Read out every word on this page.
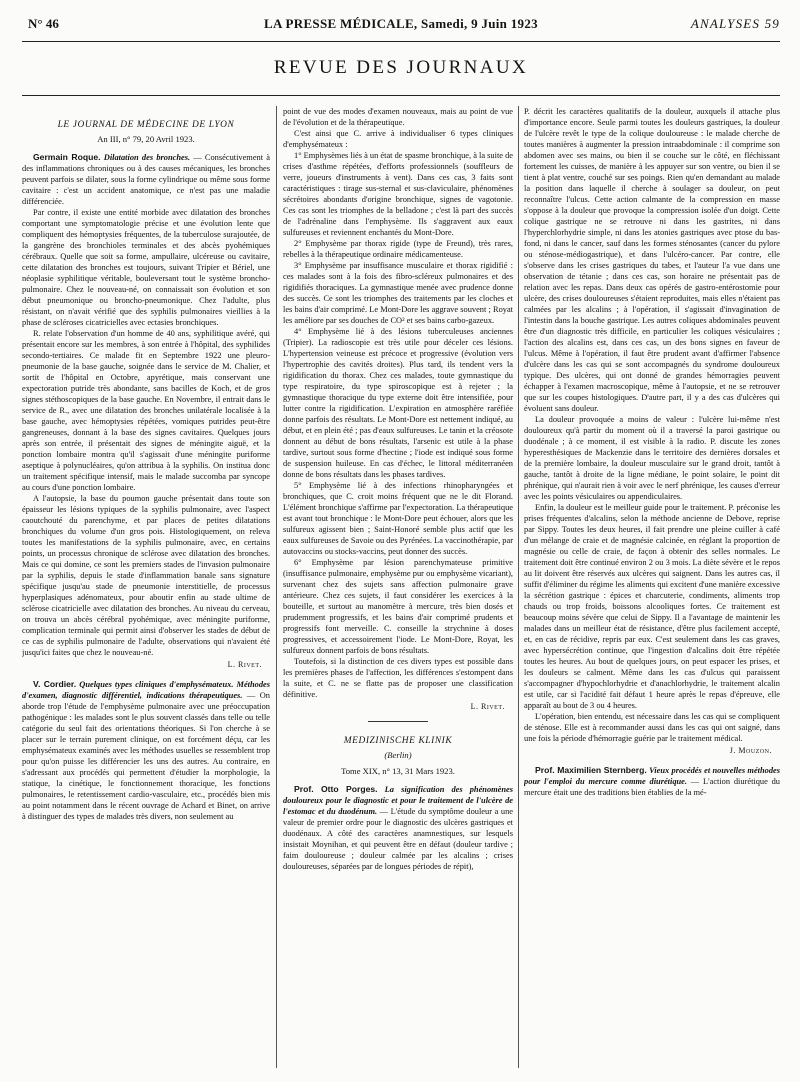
N° 46	LA PRESSE MÉDICALE, Samedi, 9 Juin 1923	ANALYSES 59
REVUE DES JOURNAUX
LE JOURNAL DE MÉDECINE DE LYON
An III, n° 79, 20 Avril 1923.

Germain Roque. Dilatation des bronches. — Consécutivement à des inflammations chroniques ou à des causes mécaniques, les bronches peuvent parfois se dilater, sous la forme cylindrique ou même sous forme cavitaire : c'est un accident anatomique, ce n'est pas une maladie différenciée.

Par contre, il existe une entité morbide avec dilatation des bronches comportant une symptomatologie précise et une évolution lente que compliquent des hémoptysies fréquentes, de la tuberculose surajoutée, de la gangrène des bronchioles terminales et des abcès pyohémiques cérébraux. Quelle que soit sa forme, ampullaire, ulcéreuse ou cavitaire, cette dilatation des bronches est toujours, suivant Tripier et Bériel, une néoplasie syphilitique véritable, bouleversant tout le système broncho-pulmonaire. Chez le nouveau-né, on connaissait son évolution et son début pneumonique ou broncho-pneumonique. Chez l'adulte, plus résistant, on n'avait vérifié que des syphilis pulmonaires vieillies à la phase de scléroses cicatricielles avec ectasies bronchiques.

R. relate l'observation d'un homme de 40 ans, syphilitique avéré, qui présentait encore sur les membres, à son entrée à l'hôpital, des syphilides secondo-tertiaires. Ce malade fit en Septembre 1922 une pleuro-pneumonie de la base gauche, soignée dans le service de M. Chalier, et sortit de l'hôpital en Octobre, apyrétique, mais conservant une expectoration putride très abondante, sans bacilles de Koch, et de gros signes stéthoscopiques de la base gauche. En Novembre, il entrait dans le service de R., avec une dilatation des bronches unilatérale localisée à la base gauche, avec hémoptysies répétées, vomiques putrides peut-être gangreneuses, donnant à la base des signes cavitaires. Quelques jours après son entrée, il présentait des signes de méningite aiguë, et la ponction lombaire montra qu'il s'agissait d'une méningite puriforme aseptique à polynucléaires, qu'on attribua à la syphilis. On institua donc un traitement spécifique intensif, mais le malade succomba par syncope au cours d'une ponction lombaire.

A l'autopsie, la base du poumon gauche présentait dans toute son épaisseur les lésions typiques de la syphilis pulmonaire, avec l'aspect caoutchouté du parenchyme, et par places de petites dilatations bronchiques du volume d'un gros pois. Histologiquement, on releva toutes les manifestations de la syphilis pulmonaire, avec, en certains points, un processus chronique de sclérose avec dilatation des bronches. Mais ce qui domine, ce sont les premiers stades de l'invasion pulmonaire par la syphilis, depuis le stade d'inflammation banale sans signature spécifique jusqu'au stade de pneumonie interstitielle, de processus hyperplasiques adénomateux, pour aboutir enfin au stade ultime de sclérose cicatricielle avec dilatation des bronches. Au niveau du cerveau, on trouva un abcès cérébral pyohémique, avec méningite puriforme, complication terminale qui permit ainsi d'observer les stades de début de ce cas de syphilis pulmonaire de l'adulte, observations qui n'avaient été jusqu'ici faites que chez le nouveau-né.

L. Rivet.

V. Cordier. Quelques types cliniques d'emphysémateux. Méthodes d'examen, diagnostic différentiel, indications thérapeutiques. — On aborde trop l'étude de l'emphysème pulmonaire avec une préoccupation pathogénique : les malades sont le plus souvent classés dans telle ou telle catégorie du seul fait des orientations théoriques. Si l'on cherche à se placer sur le terrain purement clinique, on est forcément déçu, car les emphysémateux examinés avec les méthodes usuelles se ressemblent trop pour qu'on puisse les différencier les uns des autres. Au contraire, en s'adressant aux procédés qui permettent d'étudier la morphologie, la statique, la cinétique, le fonctionnement thoracique, les fonctions pulmonaires, le retentissement cardio-vasculaire, etc., procédés bien mis au point notamment dans le récent ouvrage de Achard et Binet, on arrive à distinguer des types de malades très divers, non seulement au

point de vue des modes d'examen nouveaux, mais au point de vue de l'évolution et de la thérapeutique.

C'est ainsi que C. arrive à individualiser 6 types cliniques d'emphysémateux :

1° Emphysèmes liés à un état de spasme bronchique, à la suite de crises d'asthme répétées, d'efforts professionnels (souffleurs de verre, joueurs d'instruments à vent). Dans ces cas, 3 faits sont caractéristiques : tirage sus-sternal et sus-claviculaire, phénomènes sécrétoires abondants d'origine bronchique, signes de vagotonie. Ces cas sont les triomphes de la belladone ; c'est là part des succès de l'adrénaline dans l'emphysème. Ils s'aggravent aux eaux sulfureuses et reviennent enchantés du Mont-Dore.

2° Emphysème par thorax rigide (type de Freund), très rares, rebelles à la thérapeutique ordinaire médicamenteuse.

3° Emphysème par insuffisance musculaire et thorax rigidifié : ces malades sont à la fois des fibro-scléreux pulmonaires et des rigidifiés thoraciques. La gymnastique menée avec prudence donne des succès. Ce sont les triomphes des traitements par les cloches et les bains d'air comprimé. Le Mont-Dore les aggrave souvent ; Royat les améliore par ses douches de CO² et ses bains carbo-gazeux.

4° Emphysème lié à des lésions tuberculeuses anciennes (Tripier). La radioscopie est très utile pour déceler ces lésions. L'hypertension veineuse est précoce et progressive (évolution vers l'hypertrophie des cavités droites). Plus tard, ils tendent vers la rigidification du thorax. Chez ces malades, toute gymnastique du type respiratoire, du type spiroscopique est à rejeter ; la gymnastique thoracique du type externe doit être intensifiée, pour lutter contre la rigidification. L'expiration en atmosphère raréfiée donne parfois des résultats. Le Mont-Dore est nettement indiqué, au début, et en plein été ; pas d'eaux sulfureuses. Le tanin et la créosote donnent au début de bons résultats, l'arsenic est utile à la phase tardive, surtout sous forme d'hectine ; l'iode est indiqué sous forme de suspension huileuse. En cas d'échec, le littoral méditerranéen donne de bons résultats dans les phases tardives.

5° Emphysème lié à des infections rhinopharyngées et bronchiques, que C. croit moins fréquent que ne le dit Florand. L'élément bronchique s'affirme par l'expectoration. La thérapeutique est avant tout bronchique : le Mont-Dore peut échouer, alors que les sulfureux agissent bien ; Saint-Honoré semble plus actif que les eaux sulfureuses de Savoie ou des Pyrénées. La vaccinothérapie, par autovaccins ou stocks-vaccins, peut donner des succès.

6° Emphysème par lésion parenchymateuse primitive (insuffisance pulmonaire, emphysème pur ou emphysème vicariant), survenant chez des sujets sans affection pulmonaire grave antérieure. Chez ces sujets, il faut considérer les exercices à la bouteille, et surtout au manomètre à mercure, très bien dosés et prudemment progressifs, et les bains d'air comprimé prudents et progressifs font merveille. C. conseille la strychnine à doses progressives, et accessoirement l'iode. Le Mont-Dore, Royat, les sulfureux donnent parfois de bons résultats.

Toutefois, si la distinction de ces divers types est possible dans les premières phases de l'affection, les différences s'estompent dans la suite, et C. ne se flatte pas de proposer une classification définitive.

L. Rivet.
MEDIZINISCHE KLINIK
(Berlin)
Tome XIX, n° 13, 31 Mars 1923.

Prof. Otto Porges. La signification des phénomènes douloureux pour le diagnostic et pour le traitement de l'ulcère de l'estomac et du duodénum. — L'étude du symptôme douleur a une valeur de premier ordre pour le diagnostic des ulcères gastriques et duodénaux. A côté des caractères anamnestiques, sur lesquels insistait Moynihan, et qui peuvent être en défaut (douleur tardive ; faim douloureuse ; douleur calmée par les alcalins ; crises douloureuses, séparées par de longues périodes de répit),

P. décrit les caractères qualitatifs de la douleur, auxquels il attache plus d'importance encore. Seule parmi toutes les douleurs gastriques, la douleur de l'ulcère revêt le type de la colique douloureuse : le malade cherche de toutes manières à augmenter la pression intraabdominale : il comprime son abdomen avec ses mains, ou bien il se couche sur le côté, en fléchissant fortement les cuisses, de manière à les appuyer sur son ventre, ou bien il se tient à plat ventre, couché sur ses poings. Rien qu'en demandant au malade la position dans laquelle il cherche à soulager sa douleur, on peut reconnaître l'ulcus. Cette action calmante de la compression en masse s'oppose à la douleur que provoque la compression isolée d'un doigt. Cette colique gastrique ne se retrouve ni dans les gastrites, ni dans l'hyperchlorhydrie simple, ni dans les atonies gastriques avec ptose du bas-fond, ni dans le cancer, sauf dans les formes sténosantes (cancer du pylore ou sténose-médiogastrique), et dans l'ulcéro-cancer. Par contre, elle s'observe dans les crises gastriques du tabes, et l'auteur l'a vue dans une observation de tétanie ; dans ces cas, son horaire ne présentait pas de relation avec les repas. Dans deux cas opérés de gastro-entérostomie pour ulcère, des crises douloureuses s'étaient reproduites, mais elles n'étaient pas calmées par les alcalins ; à l'opération, il s'agissait d'invagination de l'intestin dans la bouche gastrique. Les autres coliques abdominales peuvent être d'un diagnostic très difficile, en particulier les coliques vésiculaires ; l'action des alcalins est, dans ces cas, un des bons signes en faveur de l'ulcus. Même à l'opération, il faut être prudent avant d'affirmer l'absence d'ulcère dans les cas qui se sont accompagnés du syndrome douloureux typique. Des ulcères, qui ont donné de grandes hémorragies peuvent échapper à l'examen macroscopique, même à l'autopsie, et ne se retrouver que sur les coupes histologiques. D'autre part, il y a des cas d'ulcères qui évoluent sans douleur.

La douleur provoquée a moins de valeur : l'ulcère lui-même n'est douloureux qu'à partir du moment où il a traversé la paroi gastrique ou duodénale ; à ce moment, il est visible à la radio. P. discute les zones hyperesthésiques de Mackenzie dans le territoire des dernières dorsales et de la première lombaire, la douleur musculaire sur le grand droit, tantôt à gauche, tantôt à droite de la ligne médiane, le point solaire, le point dit phrénique, qui n'aurait rien à voir avec le nerf phrénique, les causes d'erreur avec les points vésiculaires ou appendiculaires.

Enfin, la douleur est le meilleur guide pour le traitement. P. préconise les prises fréquentes d'alcalins, selon la méthode ancienne de Debove, reprise par Sippy. Toutes les deux heures, il fait prendre une pleine cuiller à café d'un mélange de craie et de magnésie calcinée, en réglant la proportion de magnésie ou celle de craie, de façon à obtenir des selles normales. Le traitement doit être continué environ 2 ou 3 mois. La diète sévère et le repos au lit doivent être réservés aux ulcères qui saignent. Dans les autres cas, il suffit d'éliminer du régime les aliments qui excitent d'une manière excessive la sécrétion gastrique : épices et charcuterie, condiments, aliments trop chauds ou trop froids, boissons alcooliques fortes. Ce traitement est beaucoup moins sévère que celui de Sippy. Il a l'avantage de maintenir les malades dans un meilleur état de résistance, d'être plus facilement accepté, et, en cas de récidive, repris par eux. C'est seulement dans les cas graves, avec hypersécrétion continue, que l'ingestion d'alcalins doit être répétée toutes les heures. Au bout de quelques jours, on peut espacer les prises, et les douleurs se calment. Même dans les cas d'ulcus qui paraissent s'accompagner d'hypochlorhydrie et d'anachlorhydrie, le traitement alcalin est utile, car si l'acidité fait défaut 1 heure après le repas d'épreuve, elle apparaît au bout de 3 ou 4 heures.

L'opération, bien entendu, est nécessaire dans les cas qui se compliquent de sténose. Elle est à recommander aussi dans les cas qui ont saigné, dans une fois la période d'hémorragie guérie par le traitement médical.

J. Mouzon.

Prof. Maximilien Sternberg. Vieux procédés et nouvelles méthodes pour l'emploi du mercure comme diurétique. — L'action diurétique du mercure était une des traditions bien établies de la mé-
